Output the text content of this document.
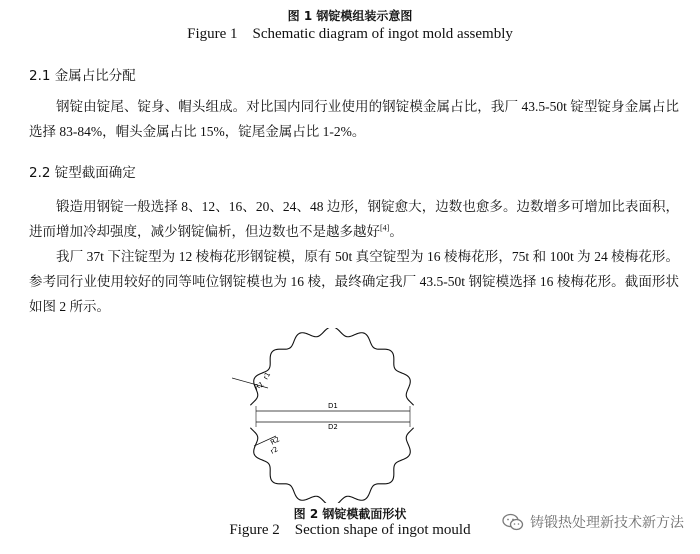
图 1 钢锭模组装示意图
Figure 1    Schematic diagram of ingot mold assembly
2.1 金属占比分配

钢锭由锭尾、锭身、帽头组成。对比国内同行业使用的钢锭模金属占比，我厂 43.5-50t 锭型锭身金属占比选择 83-84%，帽头金属占比 15%，锭尾金属占比 1-2%。

2.2 锭型截面确定

锻造用钢锭一般选择 8、12、16、20、24、48 边形，钢锭愈大，边数也愈多。边数增多可增加比表面积，进而增加冷却强度，减少钢锭偏析，但边数也不是越多越好[4]。

我厂 37t 下注锭型为 12 棱梅花形钢锭模，原有 50t 真空锭型为 16 棱梅花形，75t 和 100t 为 24 棱梅花形。参考同行业使用较好的同等吨位钢锭模也为 16 棱，最终确定我厂 43.5-50t 钢锭模选择 16 棱梅花形。截面形状如图 2 所示。

r1
R1
D1
D2
R2
r2
图 2 钢锭模截面形状
Figure 2    Section shape of ingot mould	铸锻热处理新技术新方法
